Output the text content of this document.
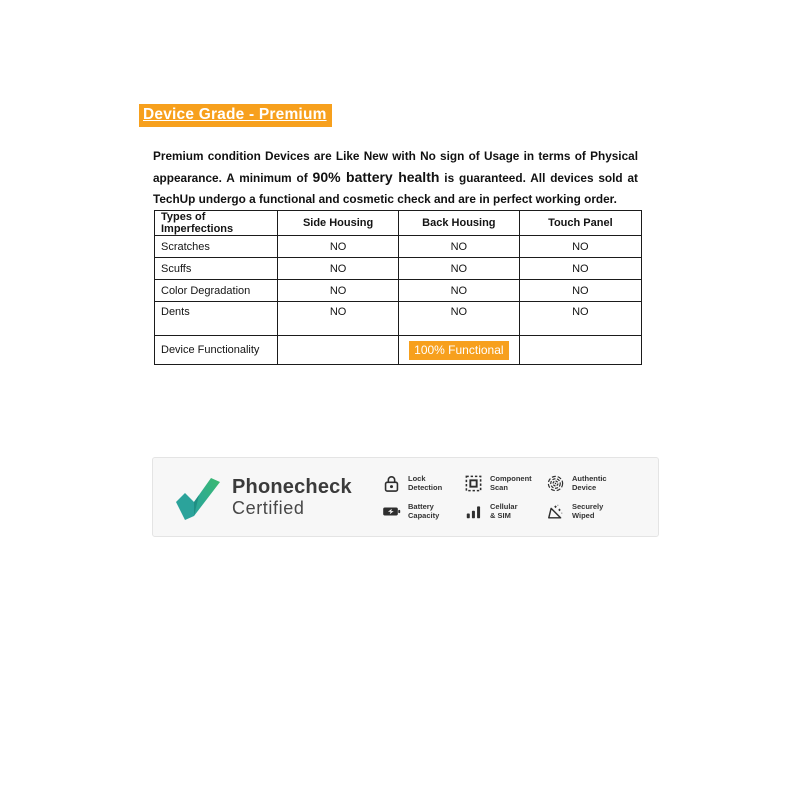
Device Grade - Premium

Premium condition Devices are Like New with No sign of Usage in terms of Physical appearance. A minimum of 90% battery health is guaranteed. All devices sold at TechUp undergo a functional and cosmetic check and are in perfect working order.

Types of Imperfections	Side Housing	Back Housing	Touch Panel
Scratches	NO	NO	NO
Scuffs	NO	NO	NO
Color Degradation	NO	NO	NO
Dents	NO	NO	NO
Device Functionality		100% Functional	
Phonecheck
Certified
Lock
Detection
Component
Scan
Authentic
Device
Battery
Capacity
Cellular
& SIM
Securely
Wiped
